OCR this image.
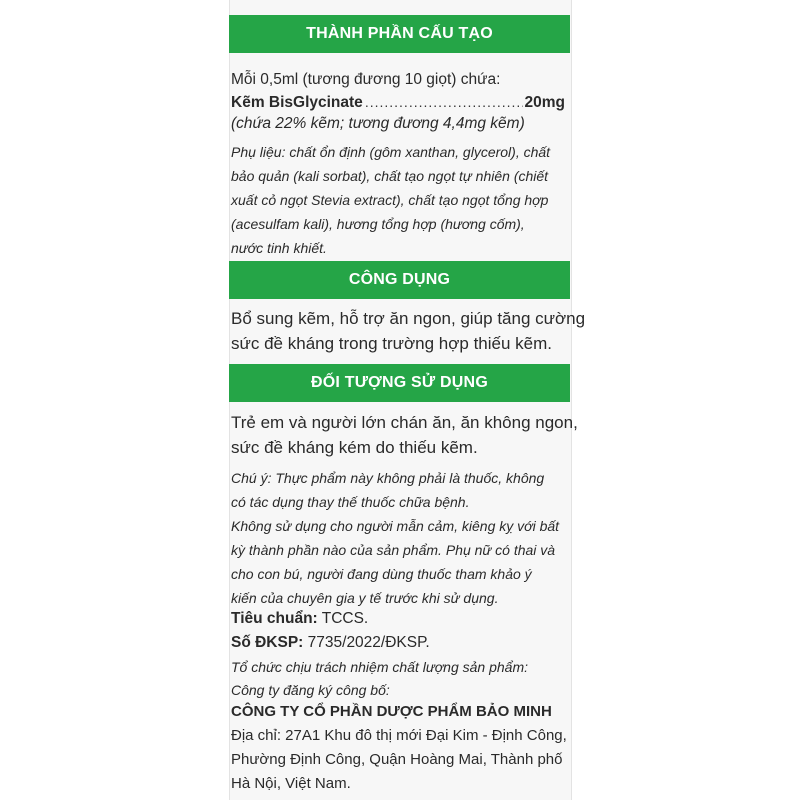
THÀNH PHẦN CẤU TẠO
Mỗi 0,5ml (tương đương 10 giọt) chứa:
Kẽm BisGlycinate
.....	20mg
(chứa 22% kẽm; tương đương 4,4mg kẽm)
Phụ liệu: chất ổn định (gôm xanthan, glycerol), chất
bảo quản (kali sorbat), chất tạo ngọt tự nhiên (chiết
xuất cỏ ngọt Stevia extract), chất tạo ngọt tổng hợp
(acesulfam kali), hương tổng hợp (hương cốm),
nước tinh khiết.
CÔNG DỤNG
Bổ sung kẽm, hỗ trợ ăn ngon, giúp tăng cường
sức đề kháng trong trường hợp thiếu kẽm.
ĐỐI TƯỢNG SỬ DỤNG
Trẻ em và người lớn chán ăn, ăn không ngon,
sức đề kháng kém do thiếu kẽm.
Chú ý: Thực phẩm này không phải là thuốc, không
có tác dụng thay thế thuốc chữa bệnh.
Không sử dụng cho người mẫn cảm, kiêng kỵ với bất
kỳ thành phần nào của sản phẩm. Phụ nữ có thai và
cho con bú, người đang dùng thuốc tham khảo ý
kiến của chuyên gia y tế trước khi sử dụng.
Tiêu chuẩn: TCCS.
Số ĐKSP: 7735/2022/ĐKSP.
Tổ chức chịu trách nhiệm chất lượng sản phẩm:
Công ty đăng ký công bố:
CÔNG TY CỔ PHẦN DƯỢC PHẨM BẢO MINH
Địa chỉ: 27A1 Khu đô thị mới Đại Kim - Định Công,
Phường Định Công, Quận Hoàng Mai, Thành phố
Hà Nội, Việt Nam.
